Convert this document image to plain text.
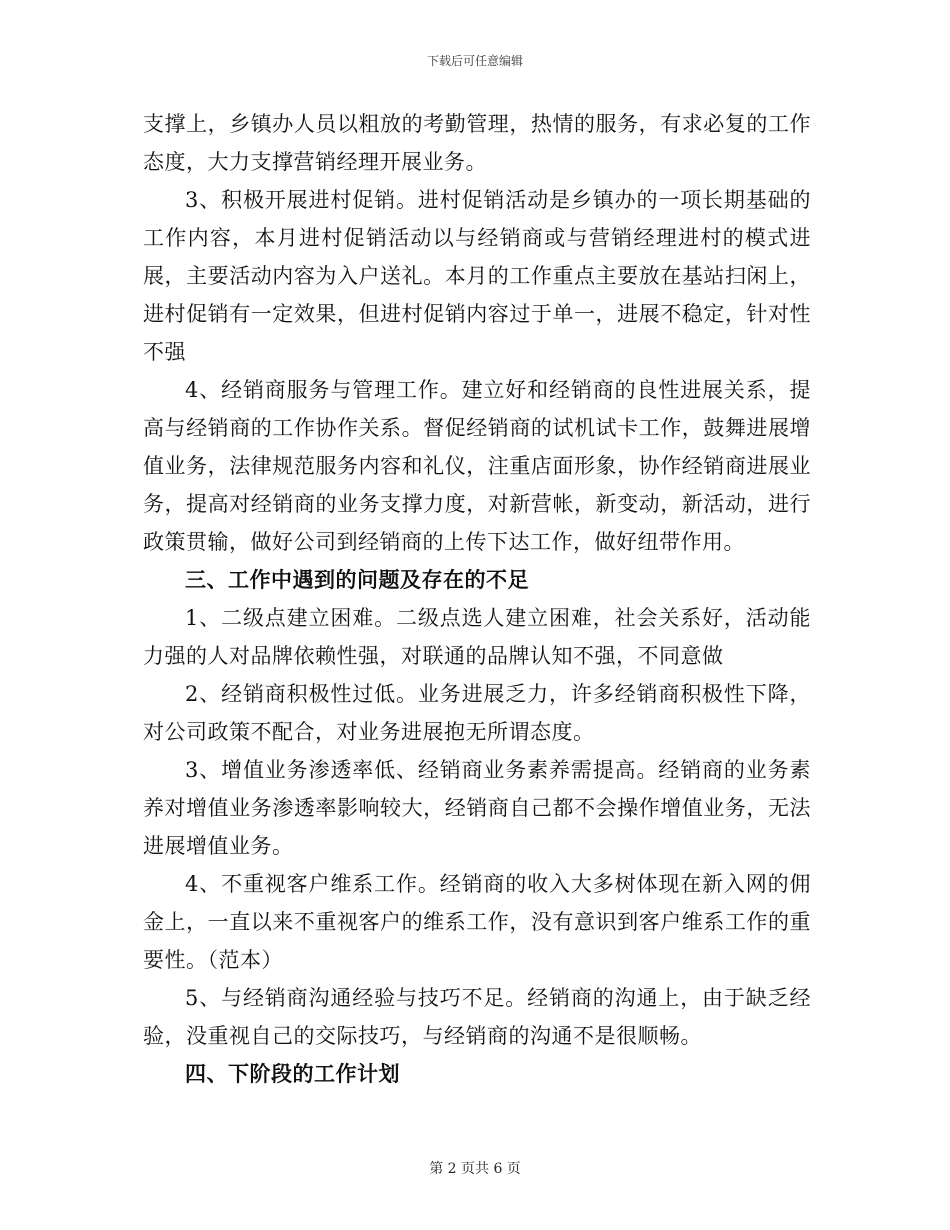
下载后可任意编辑

支撑上，乡镇办人员以粗放的考勤管理，热情的服务，有求必复的工作态度，大力支撑营销经理开展业务。

3、积极开展进村促销。进村促销活动是乡镇办的一项长期基础的工作内容，本月进村促销活动以与经销商或与营销经理进村的模式进展，主要活动内容为入户送礼。本月的工作重点主要放在基站扫闲上，进村促销有一定效果，但进村促销内容过于单一，进展不稳定，针对性不强

4、经销商服务与管理工作。建立好和经销商的良性进展关系，提高与经销商的工作协作关系。督促经销商的试机试卡工作，鼓舞进展增值业务，法律规范服务内容和礼仪，注重店面形象，协作经销商进展业务，提高对经销商的业务支撑力度，对新营帐，新变动，新活动，进行政策贯输，做好公司到经销商的上传下达工作，做好纽带作用。

三、工作中遇到的问题及存在的不足

1、二级点建立困难。二级点选人建立困难，社会关系好，活动能力强的人对品牌依赖性强，对联通的品牌认知不强，不同意做

2、经销商积极性过低。业务进展乏力，许多经销商积极性下降，对公司政策不配合，对业务进展抱无所谓态度。

3、增值业务渗透率低、经销商业务素养需提高。经销商的业务素养对增值业务渗透率影响较大，经销商自己都不会操作增值业务，无法进展增值业务。

4、不重视客户维系工作。经销商的收入大多树体现在新入网的佣金上，一直以来不重视客户的维系工作，没有意识到客户维系工作的重要性。（范本）

5、与经销商沟通经验与技巧不足。经销商的沟通上，由于缺乏经验，没重视自己的交际技巧，与经销商的沟通不是很顺畅。

四、下阶段的工作计划

第 2 页共 6 页
